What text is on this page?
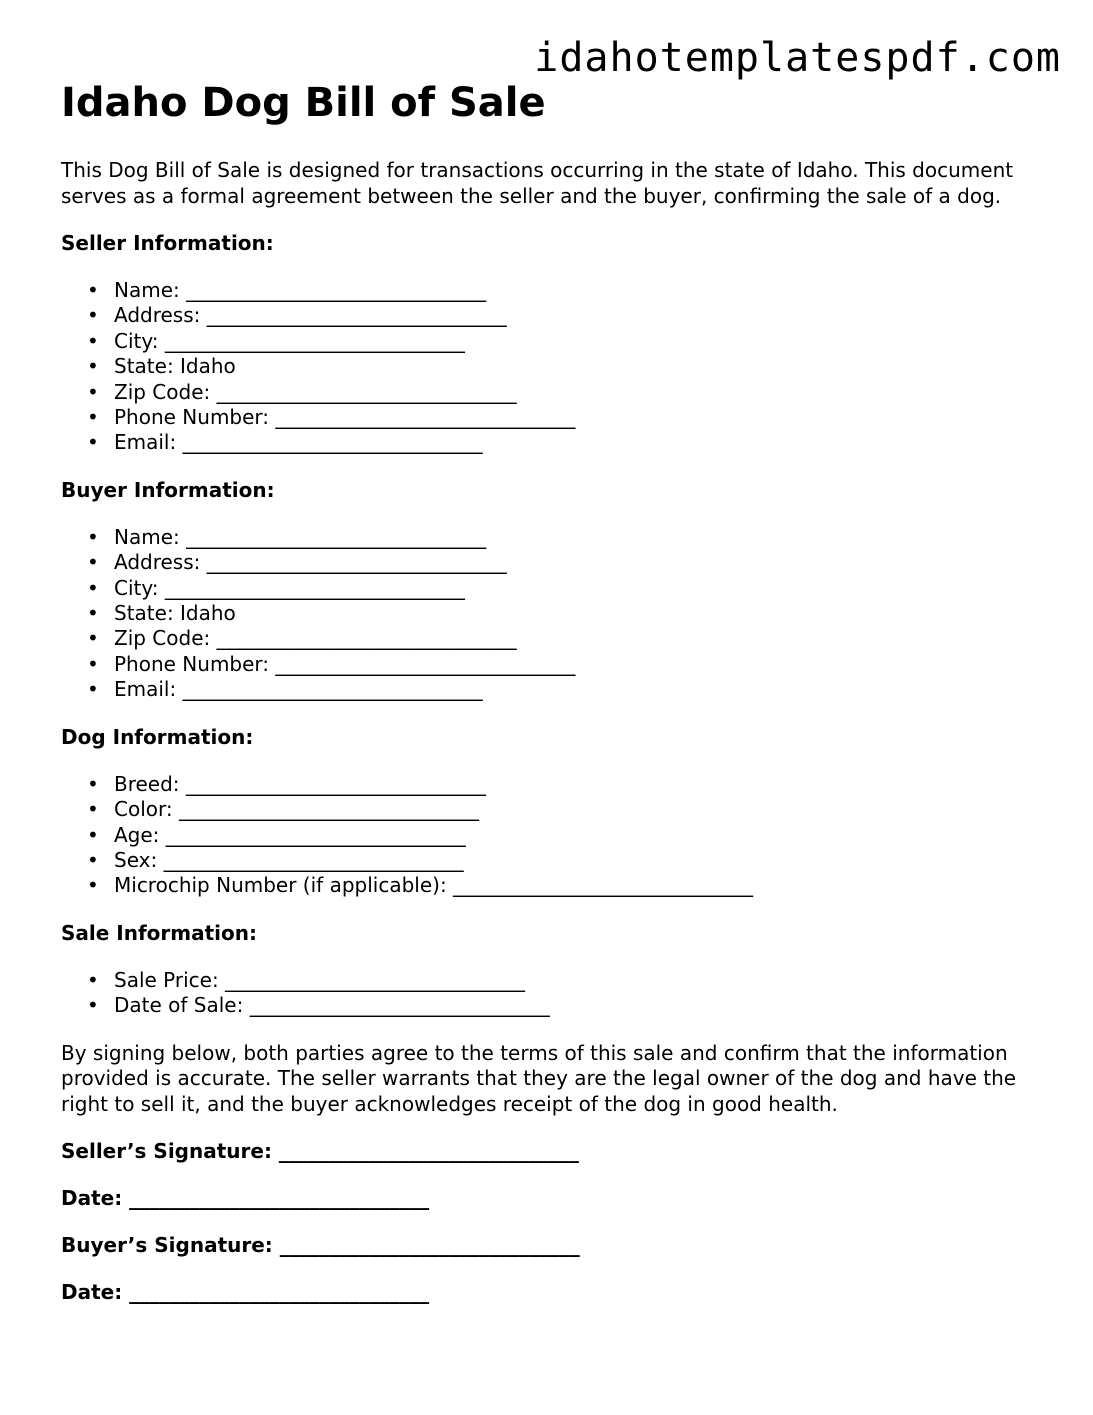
idahotemplatespdf.com
Idaho Dog Bill of Sale

This Dog Bill of Sale is designed for transactions occurring in the state of Idaho. This document serves as a formal agreement between the seller and the buyer, confirming the sale of a dog.

Seller Information:
• Name: ______________________________
• Address: ______________________________
• City: ______________________________
• State: Idaho
• Zip Code: ______________________________
• Phone Number: ______________________________
• Email: ______________________________
Buyer Information:
• Name: ______________________________
• Address: ______________________________
• City: ______________________________
• State: Idaho
• Zip Code: ______________________________
• Phone Number: ______________________________
• Email: ______________________________
Dog Information:
• Breed: ______________________________
• Color: ______________________________
• Age: ______________________________
• Sex: ______________________________
• Microchip Number (if applicable): ______________________________
Sale Information:
• Sale Price: ______________________________
• Date of Sale: ______________________________

By signing below, both parties agree to the terms of this sale and confirm that the information provided is accurate. The seller warrants that they are the legal owner of the dog and have the right to sell it, and the buyer acknowledges receipt of the dog in good health.

Seller’s Signature: ______________________________
Date: ______________________________
Buyer’s Signature: ______________________________
Date: ______________________________
